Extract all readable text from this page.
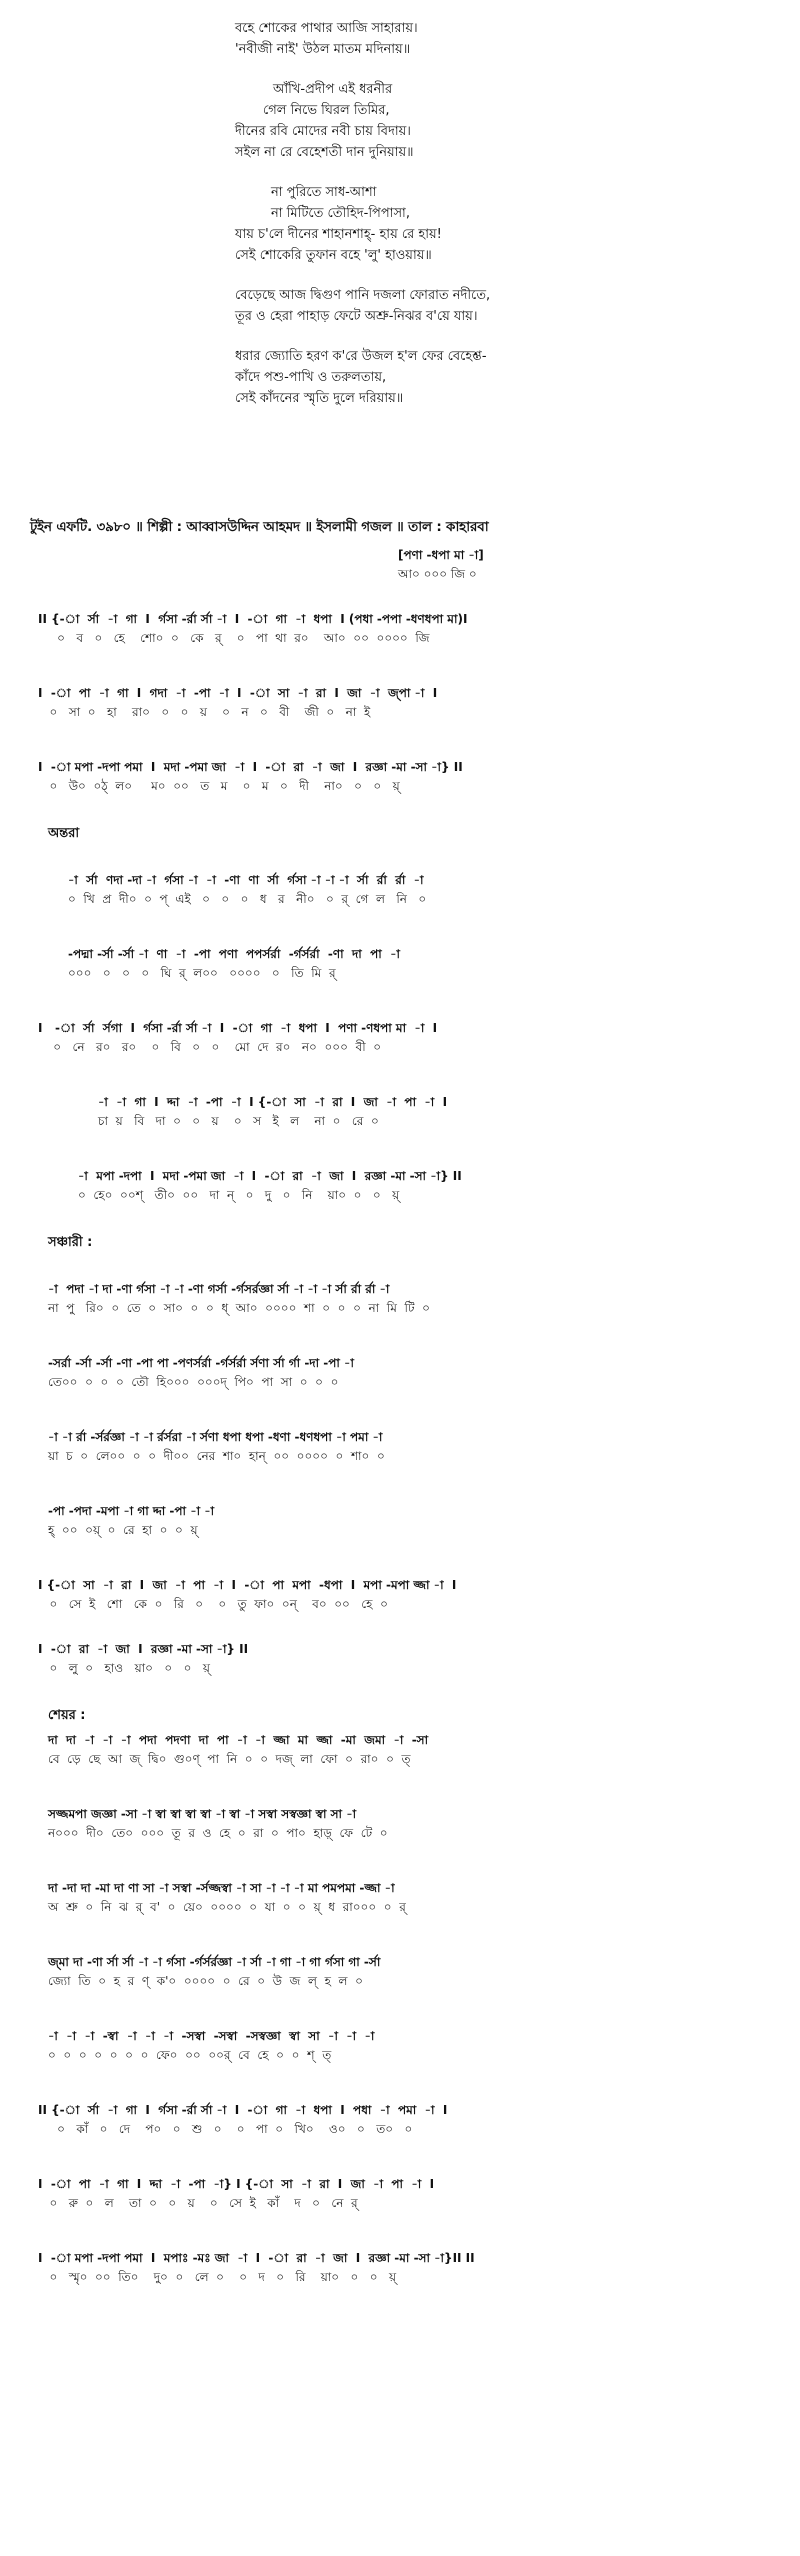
বহে শোকের পাথার আজি সাহারায়।
'নবীজী নাই' উঠল মাতম মদিনায়॥
আঁখি-প্রদীপ এই ধরনীর
গেল নিভে ঘিরল তিমির,
দীনের রবি মোদের নবী চায় বিদায়।
সইল না রে বেহেশতী দান দুনিয়ায়॥
না পুরিতে সাধ-আশা
না মিটিতে তৌহিদ-পিপাসা,
যায় চ'লে দীনের শাহানশাহ্- হায় রে হায়!
সেই শোকেরি তুফান বহে 'লু' হাওয়ায়॥
বেড়েছে আজ দ্বিগুণ পানি দজলা ফোরাত নদীতে,
তূর ও হেরা পাহাড় ফেটে অশ্রু-নিঝর ব'য়ে যায়।
ধরার জ্যোতি হরণ ক'রে উজল হ'ল ফের বেহেশ্ত-
কাঁদে পশু-পাখি ও তরুলতায়,
সেই কাঁদনের স্মৃতি দুলে দরিয়ায়॥
টুইন এফটি. ৩৯৮০ ॥ শিল্পী : আব্বাসউদ্দিন আহমদ ॥ ইসলামী গজল ॥ তাল : কাহারবা
[পণা -ধপা মা -া]
আ০ ০০০ জি ০
II {-া  র্সা  -া  গা  I  র্গসা -র্রা র্সা -া  I  -া  গা  -া  ধপা  I (পধা -পপা -ধণধপা মা)I
০   ব   ০   হে    শো০  ০   কে   র্    ০   পা  থা  র০    আ০  ০০  ০০০০  জি
I  -া  পা  -া  গা  I  গদা  -া  -পা  -া  I  -া  সা  -া  রা  I  জা  -া  জ্পা -া  I
০   সা  ০   হা    রা০   ০   ০   য়    ০   ন   ০   বী    জী  ০   না  ই
I  -া মপা -দপা পমা  I  মদা -পমা জা  -া  I  -া  রা  -া  জা  I  রজ্ঞা -মা -সা -া} II
০   উ০  ০ঠ্  ল০     ম০  ০০   ত   ম    ০   ম   ০   দী    না০   ০   ০   য়্
অন্তরা
-া  র্সা  ণদা -দা -া  র্গসা -া  -া  -ণা  ণা  র্সা  র্গসা -া -া -া  র্সা  র্রা  র্রা  -া
০  খি  প্র  দী০  ০  প্  এই   ০   ০   ০   ধ   র   নী০   ০  র্  গে  ল   নি   ০
-পদ্মা -র্সা -র্সা -া  ণা  -া  -পা  পণা  পপর্সর্রা  -র্গর্সর্রা  -ণা  দা  পা  -া
০০০   ০   ০   ০   ঘি  র্  ল০০   ০০০০   ০   তি  মি  র্
I   -া  র্সা  র্সগা  I  র্গসা -র্রা র্সা -া  I  -া  গা  -া  ধপা  I  পণা -ণধপা মা  -া  I
০   নে   র০   র০    ০   বি   ০   ০    মো  দে  র০   ন০  ০০০  বী  ০
-া  -া  গা  I  দ্দা  -া  -পা  -া  I {-া  সা  -া  রা  I  জা  -া  পা  -া  I
চা  য়   বি   দা  ০   ০   য়    ০   স   ই   ল    না  ০   রে  ০
-া  মপা -দপা  I  মদা -পমা জা  -া  I  -া  রা  -া  জা  I  রজ্ঞা -মা -সা -া} II
০  হে০  ০০শ্   তী০  ০০   দা  ন্   ০   দু   ০   নি    য়া০  ০   ০   য়্
সঞ্চারী :
-া  পদা -া দা -ণা র্গসা -া -া -ণা গর্সা -র্গসর্রজ্ঞা র্সা -া -া -া র্সা র্রা র্রা -া
না  পু   রি০  ০  তে  ০  সা০  ০  ০  ধ্  আ০  ০০০০  শা  ০  ০  ০  না  মি  টি  ০
-সর্রা -র্সা -র্সা -ণা -পা পা -পণর্সর্রা -র্গর্সর্রা র্সণা র্সা র্গা -দা -পা -া
তে০০  ০  ০  ০  তৌ  হি০০০  ০০০দ্  পি০  পা  সা  ০  ০  ০
-া -া র্রা -র্সর্রজ্ঞা -া -া র্রর্সরা -া র্সণা ধপা ধপা -ধণা -ধণধপা -া পমা -া
য়া  চ  ০  লে০০  ০  ০  দী০০  নের  শা০  হান্  ০০  ০০০০  ০  শা০  ০
-পা -পদা -মপা -া গা দ্দা -পা -া -া
হ্  ০০  ০য়্  ০  রে  হা  ০  ০  য়্
I {-া  সা  -া  রা  I  জা  -া  পা  -া  I  -া  পা  মপা  -ধপা  I  মপা -মপা জ্জা -া  I
০   সে  ই   শো   কে  ০   রি   ০    ০   তু  ফা০  ০ন্    ব০  ০০   হে  ০
I  -া  রা  -া  জা  I  রজ্ঞা -মা -সা -া} II
০   লু  ০   হাও   য়া০   ০   ০   য়্
শেয়র :
দা  দা  -া  -া  -া  পদা  পদণা  দা  পা  -া  -া  জ্জা  মা  জ্জা  -মা  জমা  -া  -সা
বে  ড়ে  ছে  আ  জ্  দ্বি০  গু০ণ্  পা  নি  ০  ০  দজ্  লা  ফো  ০  রা০  ০  ত্
সজ্জমপা জজ্ঞা -সা -া স্বা স্বা স্বা স্বা -া স্বা -া সস্বা সস্বজ্ঞা স্বা সা -া
ন০০০  দী০  তে০  ০০০  তূ  র  ও  হে  ০  রা  ০  পা০  হাড়্  ফে  টে  ০
দা -দা দা -মা দা ণা সা -া সস্বা -র্সজ্জস্বা -া সা -া -া -া মা পমপমা -জ্জা -া
অ  শ্রু  ০  নি  ঝ  র্  ব'  ০  য়ে০  ০০০০  ০  যা  ০  ০  য়্  ধ  রা০০০  ০  র্
জ্মা দা -ণা র্সা র্সা -া -া র্গসা -র্গর্সর্রজ্ঞা -া র্সা -া গা -া গা র্গসা গা -র্সা
জ্যো  তি  ০  হ  র  ণ্  ক'০  ০০০০  ০  রে  ০  উ  জ  ল্  হ  ল  ০
-া  -া  -া  -স্বা  -া  -া  -া  -সস্বা  -সস্বা  -সস্বজ্ঞা  স্বা  সা  -া  -া  -া
০  ০  ০  ০  ০  ০  ০  ফে০  ০০  ০০র্  বে  হে  ০  ০  শ্  ত্
II {-া  র্সা  -া  গা  I  র্গসা -র্রা র্সা -া  I  -া  গা  -া  ধপা  I  পধা  -া  পমা  -া  I
০   কাঁ   ০   দে    প০   ০   শু   ০    ০   পা  ০   খি০    ও০   ০   ত০   ০
I  -া  পা  -া  গা  I  দ্দা  -া  -পা  -া} I {-া  সা  -া  রা  I  জা  -া  পা  -া  I
০   রু  ০   ল    তা  ০   ০   য়    ০   সে  ই   কাঁ    দ   ০   নে  র্
I  -া মপা -দপা পমা  I  মপাঃ -মঃ জা  -া  I  -া  রা  -া  জা  I  রজ্ঞা -মা -সা -া}II II
০   স্মৃ০  ০০  তি০    দু০  ০   লে  ০    ০   দ   ০   রি    য়া০   ০   ০   য়্
